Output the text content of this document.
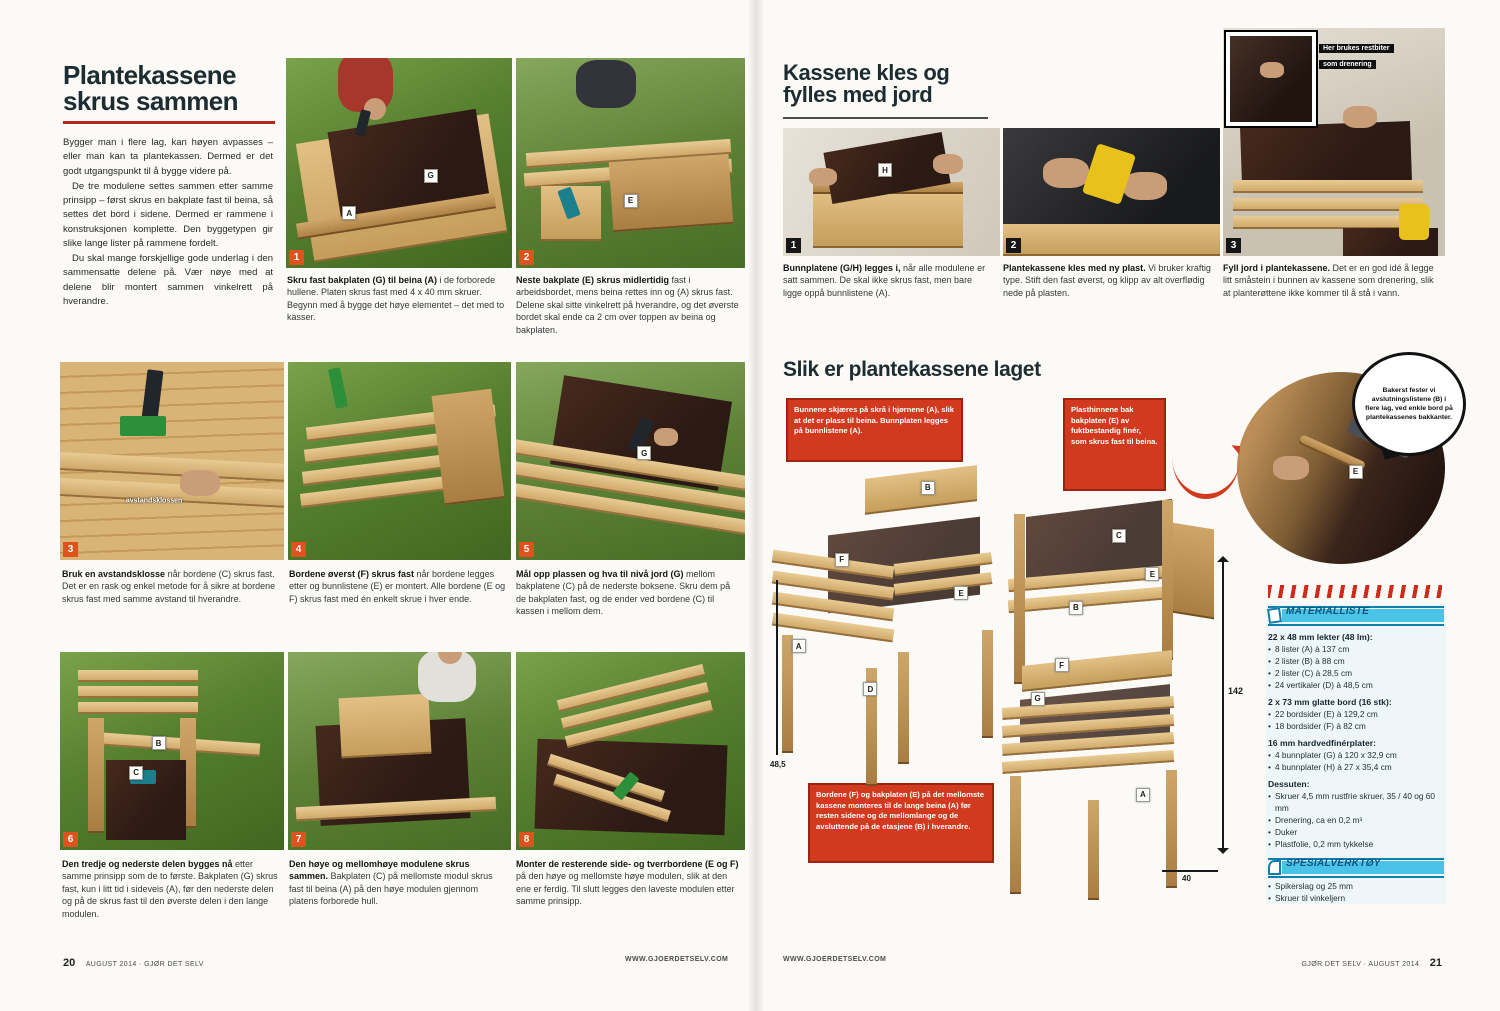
Plantekassene
skrus sammen

Bygger man i flere lag, kan høyen avpasses – eller man kan ta plantekassen. Dermed er det godt utgangspunkt til å bygge videre på.

De tre modulene settes sammen etter samme prinsipp – først skrus en bakplate fast til beina, så settes det bord i sidene. Dermed er rammene i konstruksjonen komplette. Den byggetypen gir slike lange lister på rammene fordelt.

Du skal mange forskjellige gode underlag i den sammensatte delene på. Vær nøye med at delene blir montert sammen vinkelrett på hverandre.

1
G
A
2
E

Skru fast bakplaten (G) til beina (A) i de forborede hullene. Platen skrus fast med 4 x 40 mm skruer. Begynn med å bygge det høye elementet – det med to kasser.

Neste bakplate (E) skrus midlertidig fast i arbeidsbordet, mens beina rettes inn og (A) skrus fast. Delene skal sitte vinkelrett på hverandre, og det øverste bordet skal ende ca 2 cm over toppen av beina og bakplaten.

3
avstandsklossen
4	5
G

Bruk en avstandsklosse når bordene (C) skrus fast. Det er en rask og enkel metode for å sikre at bordene skrus fast med samme avstand til hverandre.

Bordene øverst (F) skrus fast når bordene legges etter og bunnlistene (E) er montert. Alle bordene (E og F) skrus fast med én enkelt skrue i hver ende.

Mål opp plassen og hva til nivå jord (G) mellom bakplatene (C) på de nederste boksene. Skru dem på de bakplaten fast, og de ender ved bordene (C) til kassen i mellom dem.

6
B
C
7	8

Den tredje og nederste delen bygges nå etter samme prinsipp som de to første. Bakplaten (G) skrus fast, kun i litt tid i sideveis (A), før den nederste delen og på de skrus fast til den øverste delen i den lange modulen.

Den høye og mellomhøye modulene skrus sammen. Bakplaten (C) på mellomste modul skrus fast til beina (A) på den høye modulen gjennom platens forborede hull.

Monter de resterende side- og tverrbordene (E og F) på den høye og mellomste høye modulen, slik at den ene er ferdig. Til slutt legges den laveste modulen etter samme prinsipp.

20 AUGUST 2014 · GJØR DET SELV
WWW.GJOERDETSELV.COM
Kassene kles og
fylles med jord
1
H
2
Her brukes restbiter
som drenering
3

Bunnplatene (G/H) legges i, når alle modulene er satt sammen. De skal ikke skrus fast, men bare ligge oppå bunnlistene (A).

Plantekassene kles med ny plast. Vi bruker kraftig type. Stift den fast øverst, og klipp av alt overflødig nede på plasten.

Fyll jord i plantekassene. Det er en god idé å legge litt småstein i bunnen av kassene som drenering, slik at planterøttene ikke kommer til å stå i vann.

Slik er plantekassene laget
Bunnene skjæres på skrå i hjørnene (A), slik at det er plass til beina. Bunnplaten legges på bunnlistene (A).
Plasthinnene bak bakplaten (E) av fuktbestandig finér, som skrus fast til beina.
Bordene (F) og bakplaten (E) på det mellomste kassene monteres til de lange beina (A) før resten sidene og de mellomlange og de avsluttende på de etasjene (B) i hverandre.
E
Bakerst fester vi avslutningslistene (B) i flere lag, ved enkle bord på plantekassenes bakkanter.
142
48,5
40
A
F
B
E
D
C
F
E
B
A
G
MATERIALLISTE
22 x 48 mm lekter (48 lm):
• 8 lister (A) à 137 cm
• 2 lister (B) à 88 cm
• 2 lister (C) à 28,5 cm
• 24 vertikaler (D) à 48,5 cm
2 x 73 mm glatte bord (16 stk):
• 22 bordsider (E) à 129,2 cm
• 18 bordsider (F) à 82 cm
16 mm hardvedfinérplater:
• 4 bunnplater (G) à 120 x 32,9 cm
• 4 bunnplater (H) à 27 x 35,4 cm
Dessuten:
• Skruer 4,5 mm rustfrie skruer, 35 / 40 og 60 mm
• Drenering, ca en 0,2 m³
• Duker
• Plastfolie, 0,2 mm tykkelse
SPESIALVERKTØY
• Spikerslag og 25 mm
• Skruer til vinkeljern
WWW.GJOERDETSELV.COM
GJØR DET SELV · AUGUST 2014 21
